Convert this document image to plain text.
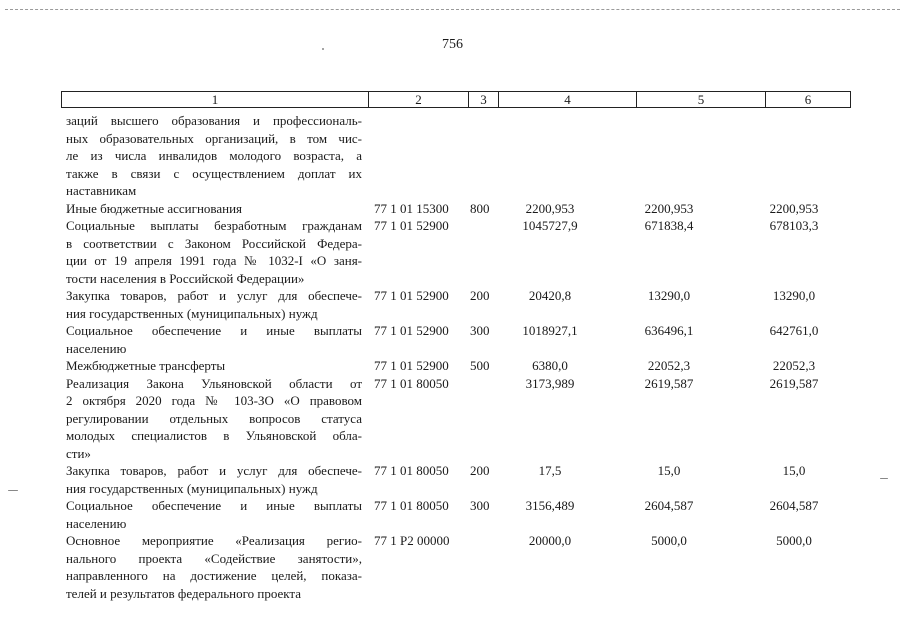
756
1	2	3	4	5	6
заций высшего образования и профессиональ-
ных образовательных организаций, в том чис-
ле из числа инвалидов молодого возраста, а
также в связи с осуществлением доплат их
наставникам
Иные бюджетные ассигнования	77 1 01 15300	800	2200,953	2200,953	2200,953
Социальные выплаты безработным гражданам
в соответствии с Законом Российской Федера-
ции от 19 апреля 1991 года № 1032-I «О заня-
тости населения в Российской Федерации»
77 1 01 52900	1045727,9	671838,4	678103,3
Закупка товаров, работ и услуг для обеспече-
ния государственных (муниципальных) нужд
77 1 01 52900	200	20420,8	13290,0	13290,0
Социальное обеспечение и иные выплаты
населению
77 1 01 52900	300	1018927,1	636496,1	642761,0
Межбюджетные трансферты	77 1 01 52900	500	6380,0	22052,3	22052,3
Реализация Закона Ульяновской области от
2 октября 2020 года № 103-ЗО «О правовом
регулировании отдельных вопросов статуса
молодых специалистов в Ульяновской обла-
сти»
77 1 01 80050	3173,989	2619,587	2619,587
Закупка товаров, работ и услуг для обеспече-
ния государственных (муниципальных) нужд
77 1 01 80050	200	17,5	15,0	15,0
Социальное обеспечение и иные выплаты
населению
77 1 01 80050	300	3156,489	2604,587	2604,587
Основное мероприятие «Реализация регио-
нального проекта «Содействие занятости»,
направленного на достижение целей, показа-
телей и результатов федерального проекта
77 1 Р2 00000	20000,0	5000,0	5000,0
